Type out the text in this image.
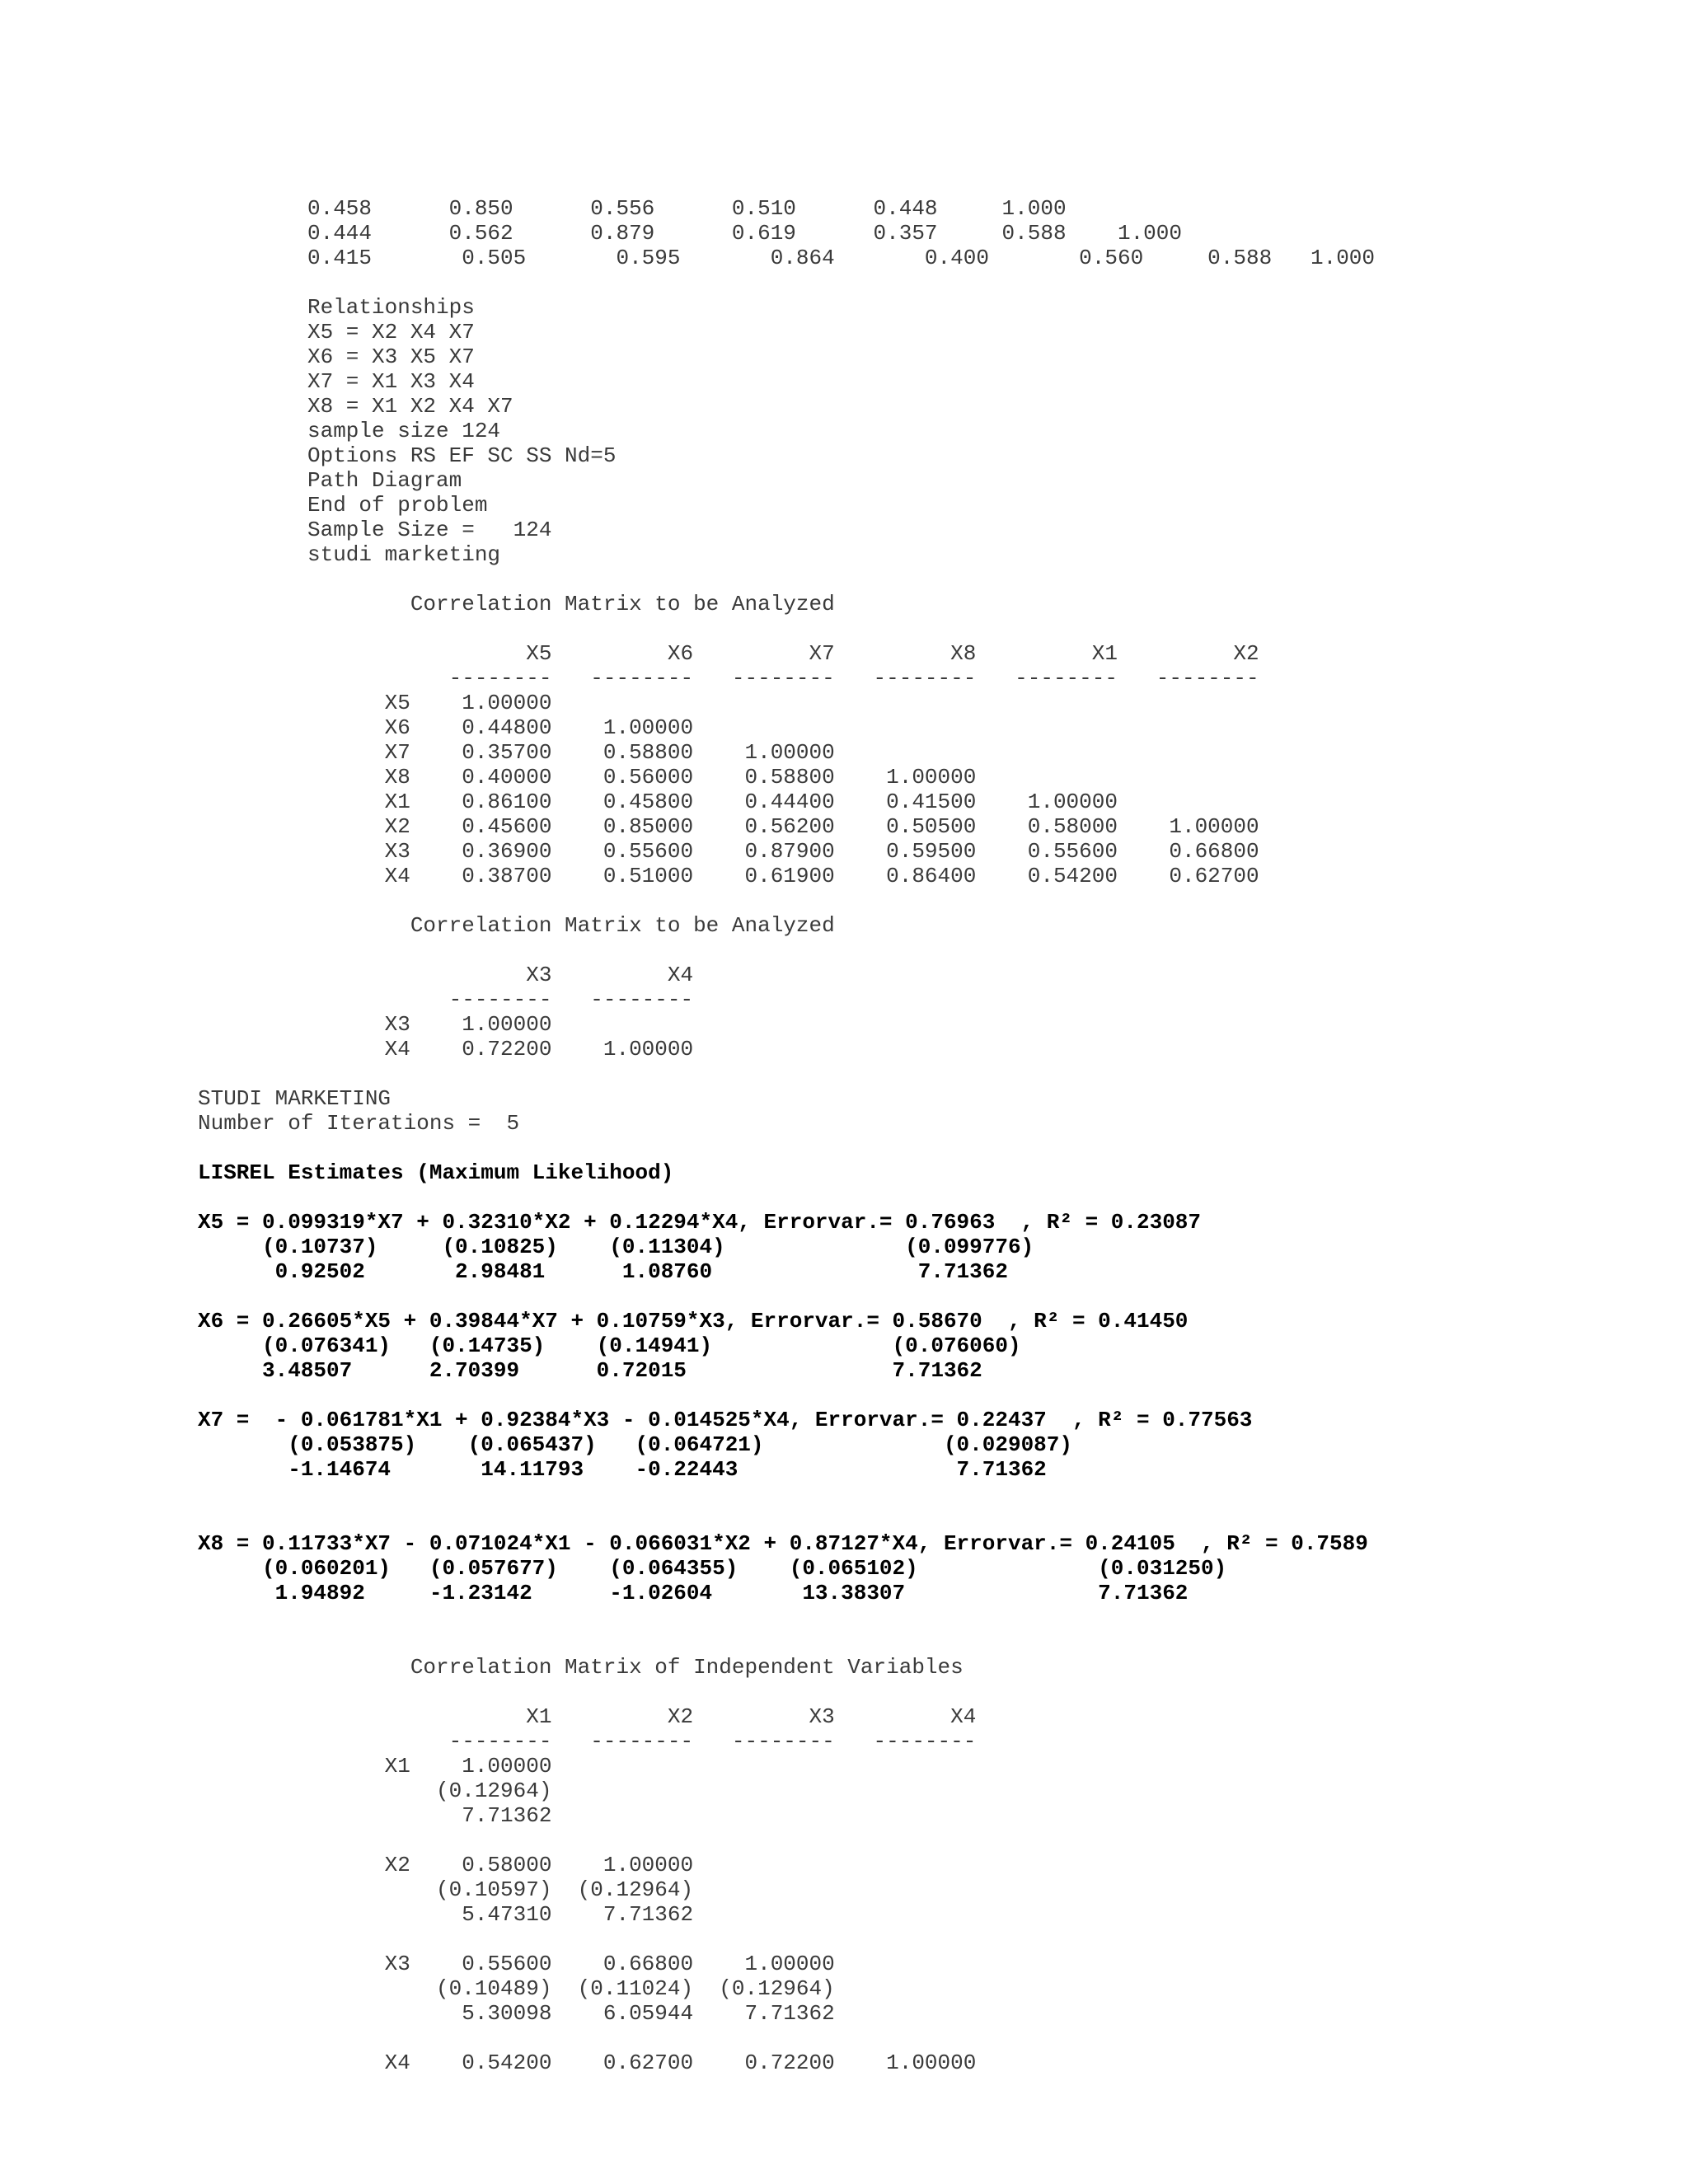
0.458      0.850      0.556      0.510      0.448     1.000
0.444      0.562      0.879      0.619      0.357     0.588    1.000
0.415       0.505       0.595       0.864       0.400       0.560     0.588   1.000
Relationships
X5 = X2 X4 X7
X6 = X3 X5 X7
X7 = X1 X3 X4
X8 = X1 X2 X4 X7
sample size 124
Options RS EF SC SS Nd=5
Path Diagram
End of problem
Sample Size =   124
studi marketing
Correlation Matrix to be Analyzed
X5         X6         X7         X8         X1         X2
--------   --------   --------   --------   --------   --------
X5    1.00000
X6    0.44800    1.00000
X7    0.35700    0.58800    1.00000
X8    0.40000    0.56000    0.58800    1.00000
X1    0.86100    0.45800    0.44400    0.41500    1.00000
X2    0.45600    0.85000    0.56200    0.50500    0.58000    1.00000
X3    0.36900    0.55600    0.87900    0.59500    0.55600    0.66800
X4    0.38700    0.51000    0.61900    0.86400    0.54200    0.62700
Correlation Matrix to be Analyzed
X3         X4
--------   --------
X3    1.00000
X4    0.72200    1.00000
STUDI MARKETING
Number of Iterations =  5
LISREL Estimates (Maximum Likelihood)
X5 = 0.099319*X7 + 0.32310*X2 + 0.12294*X4, Errorvar.= 0.76963  , R² = 0.23087
(0.10737)     (0.10825)    (0.11304)              (0.099776)
0.92502       2.98481      1.08760                7.71362
X6 = 0.26605*X5 + 0.39844*X7 + 0.10759*X3, Errorvar.= 0.58670  , R² = 0.41450
(0.076341)   (0.14735)    (0.14941)              (0.076060)
3.48507      2.70399      0.72015                7.71362
X7 =  - 0.061781*X1 + 0.92384*X3 - 0.014525*X4, Errorvar.= 0.22437  , R² = 0.77563
(0.053875)    (0.065437)   (0.064721)              (0.029087)
-1.14674       14.11793    -0.22443                 7.71362
X8 = 0.11733*X7 - 0.071024*X1 - 0.066031*X2 + 0.87127*X4, Errorvar.= 0.24105  , R² = 0.7589
(0.060201)   (0.057677)    (0.064355)    (0.065102)              (0.031250)
1.94892     -1.23142      -1.02604       13.38307               7.71362
Correlation Matrix of Independent Variables
X1         X2         X3         X4
--------   --------   --------   --------
X1    1.00000
(0.12964)
7.71362
X2    0.58000    1.00000
(0.10597)  (0.12964)
5.47310    7.71362
X3    0.55600    0.66800    1.00000
(0.10489)  (0.11024)  (0.12964)
5.30098    6.05944    7.71362
X4    0.54200    0.62700    0.72200    1.00000
